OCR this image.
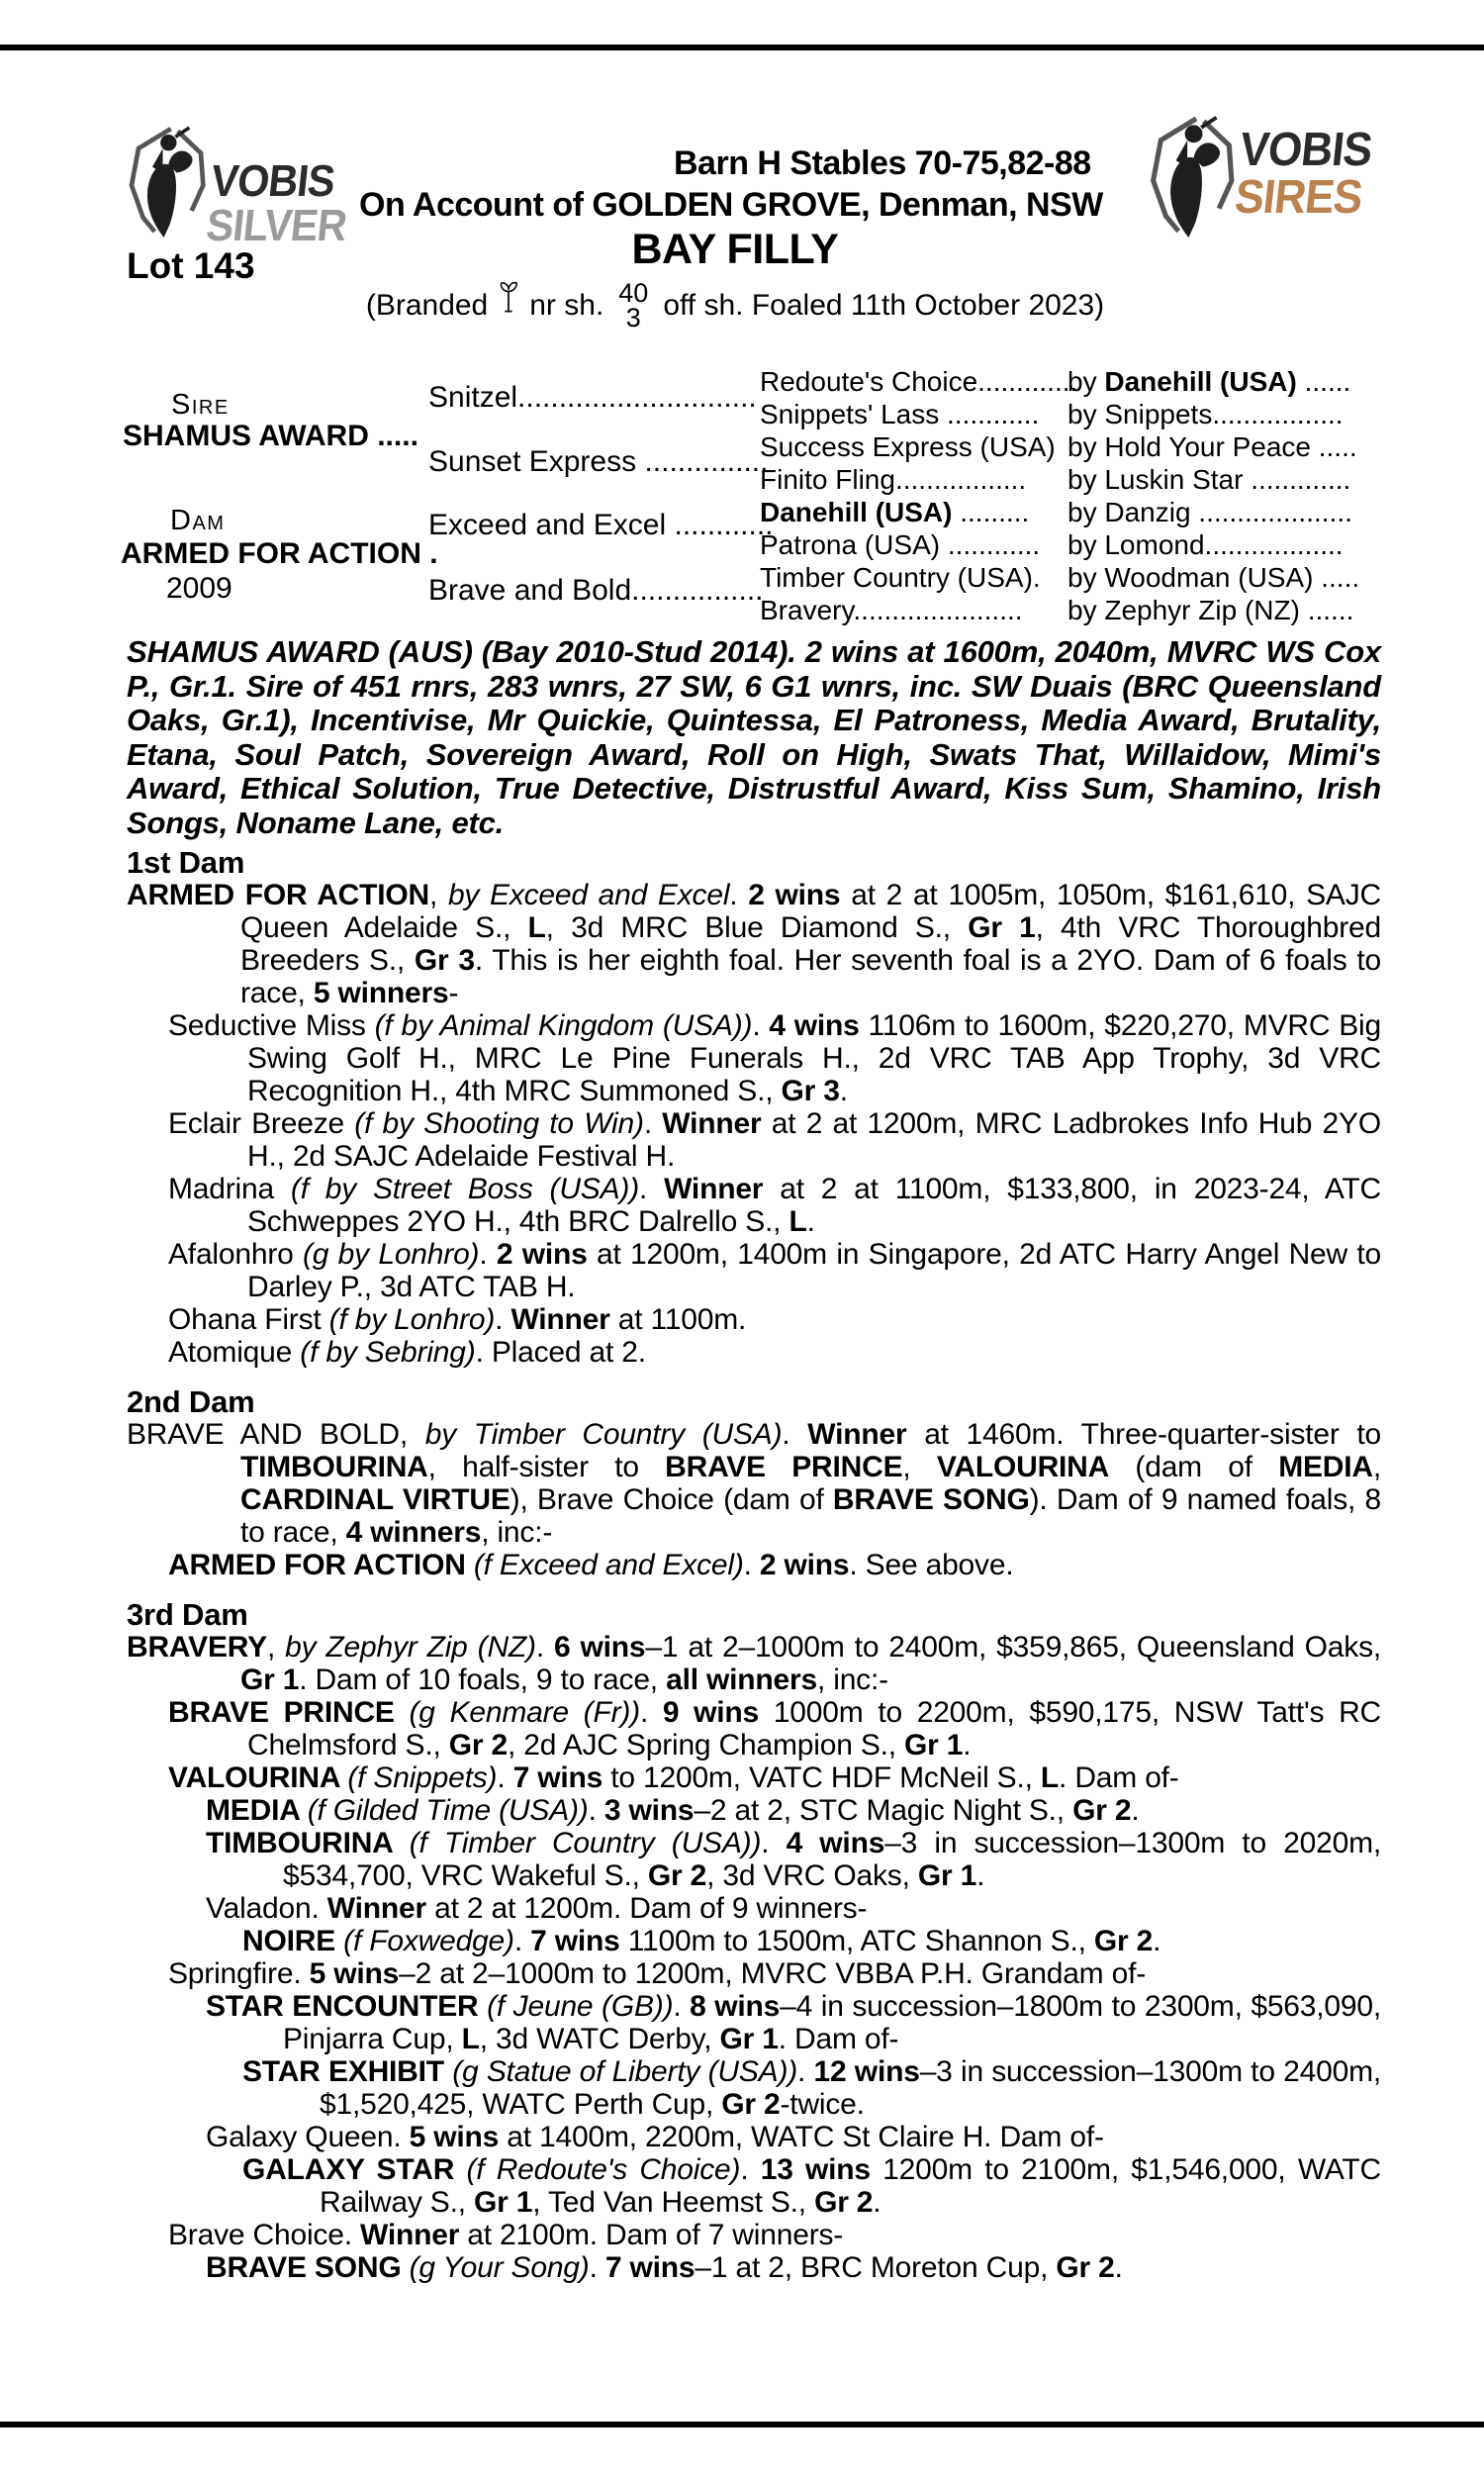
VOBIS
SILVER
VOBIS
SIRES
Barn H Stables 70-75,82-88
On Account of GOLDEN GROVE, Denman, NSW
Lot 143	BAY FILLY
(Branded nr sh. 40
3 off sh. Foaled 11th October 2023)
Sire
SHAMUS AWARD .....
Dam
ARMED FOR ACTION .
2009
Snitzel.............................
Sunset Express ...............
Exceed and Excel ............
Brave and Bold................
Redoute's Choice.............
Snippets' Lass ............
Success Express (USA)
Finito Fling.................
Danehill (USA) .........
Patrona (USA) ............
Timber Country (USA).
Bravery......................
by Danehill (USA) ......
by Snippets.................
by Hold Your Peace .....
by Luskin Star .............
by Danzig ....................
by Lomond..................
by Woodman (USA) .....
by Zephyr Zip (NZ) ......

SHAMUS AWARD (AUS) (Bay 2010-Stud 2014). 2 wins at 1600m, 2040m, MVRC WS Cox P., Gr.1. Sire of 451 rnrs, 283 wnrs, 27 SW, 6 G1 wnrs, inc. SW Duais (BRC Queensland Oaks, Gr.1), Incentivise, Mr Quickie, Quintessa, El Patroness, Media Award, Brutality, Etana, Soul Patch, Sovereign Award, Roll on High, Swats That, Willaidow, Mimi's Award, Ethical Solution, True Detective, Distrustful Award, Kiss Sum, Shamino, Irish Songs, Noname Lane, etc.

1st Dam

ARMED FOR ACTION, by Exceed and Excel. 2 wins at 2 at 1005m, 1050m, $161,610, SAJC Queen Adelaide S., L, 3d MRC Blue Diamond S., Gr 1, 4th VRC Thoroughbred Breeders S., Gr 3. This is her eighth foal. Her seventh foal is a 2YO. Dam of 6 foals to race, 5 winners-

Seductive Miss (f by Animal Kingdom (USA)). 4 wins 1106m to 1600m, $220,270, MVRC Big Swing Golf H., MRC Le Pine Funerals H., 2d VRC TAB App Trophy, 3d VRC Recognition H., 4th MRC Summoned S., Gr 3.

Eclair Breeze (f by Shooting to Win). Winner at 2 at 1200m, MRC Ladbrokes Info Hub 2YO H., 2d SAJC Adelaide Festival H.

Madrina (f by Street Boss (USA)). Winner at 2 at 1100m, $133,800, in 2023-24, ATC Schweppes 2YO H., 4th BRC Dalrello S., L.

Afalonhro (g by Lonhro). 2 wins at 1200m, 1400m in Singapore, 2d ATC Harry Angel New to Darley P., 3d ATC TAB H.

Ohana First (f by Lonhro). Winner at 1100m.

Atomique (f by Sebring). Placed at 2.

2nd Dam

BRAVE AND BOLD, by Timber Country (USA). Winner at 1460m. Three-quarter-sister to TIMBOURINA, half-sister to BRAVE PRINCE, VALOURINA (dam of MEDIA, CARDINAL VIRTUE), Brave Choice (dam of BRAVE SONG). Dam of 9 named foals, 8 to race, 4 winners, inc:-

ARMED FOR ACTION (f Exceed and Excel). 2 wins. See above.

3rd Dam

BRAVERY, by Zephyr Zip (NZ). 6 wins–1 at 2–1000m to 2400m, $359,865, Queensland Oaks, Gr 1. Dam of 10 foals, 9 to race, all winners, inc:-

BRAVE PRINCE (g Kenmare (Fr)). 9 wins 1000m to 2200m, $590,175, NSW Tatt's RC Chelmsford S., Gr 2, 2d AJC Spring Champion S., Gr 1.

VALOURINA (f Snippets). 7 wins to 1200m, VATC HDF McNeil S., L. Dam of-

MEDIA (f Gilded Time (USA)). 3 wins–2 at 2, STC Magic Night S., Gr 2.

TIMBOURINA (f Timber Country (USA)). 4 wins–3 in succession–1300m to 2020m, $534,700, VRC Wakeful S., Gr 2, 3d VRC Oaks, Gr 1.

Valadon. Winner at 2 at 1200m. Dam of 9 winners-

NOIRE (f Foxwedge). 7 wins 1100m to 1500m, ATC Shannon S., Gr 2.

Springfire. 5 wins–2 at 2–1000m to 1200m, MVRC VBBA P.H. Grandam of-

STAR ENCOUNTER (f Jeune (GB)). 8 wins–4 in succession–1800m to 2300m, $563,090, Pinjarra Cup, L, 3d WATC Derby, Gr 1. Dam of-

STAR EXHIBIT (g Statue of Liberty (USA)). 12 wins–3 in succession–1300m to 2400m, $1,520,425, WATC Perth Cup, Gr 2-twice.

Galaxy Queen. 5 wins at 1400m, 2200m, WATC St Claire H. Dam of-

GALAXY STAR (f Redoute's Choice). 13 wins 1200m to 2100m, $1,546,000, WATC Railway S., Gr 1, Ted Van Heemst S., Gr 2.

Brave Choice. Winner at 2100m. Dam of 7 winners-

BRAVE SONG (g Your Song). 7 wins–1 at 2, BRC Moreton Cup, Gr 2.
